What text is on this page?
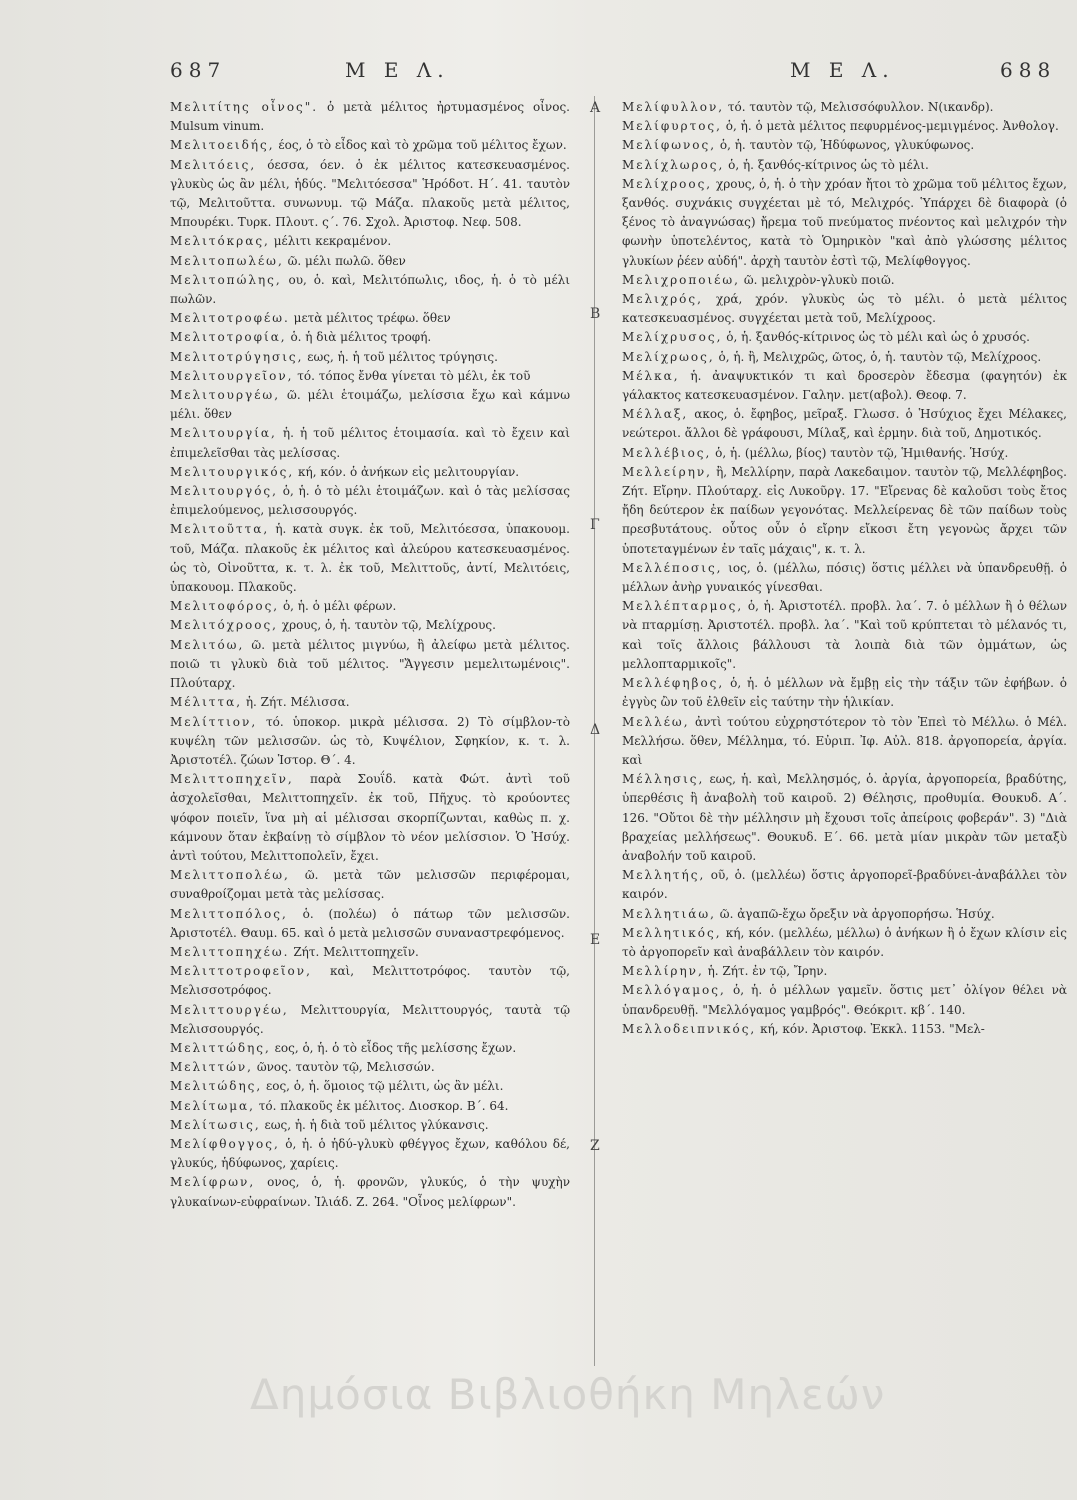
687	Μ Ε Λ.	Μ Ε Λ.	688

Μελιτίτης οἶνος". ὁ μετὰ μέλιτος ἠρτυμασμένος οἶνος. Mulsum vinum.

Μελιτοειδής, έος, ὁ τὸ εἶδος καὶ τὸ χρῶμα τοῦ μέλιτος ἔχων.

Μελιτόεις, όεσσα, όεν. ὁ ἐκ μέλιτος κατεσκευασμένος. γλυκὺς ὡς ἂν μέλι, ἡδύς. "Μελιτόεσσα" Ἡρόδοτ. Η΄. 41. ταυτὸν τῷ, Μελιτοῦττα. συνωνυμ. τῷ Μάζα. πλακοῦς μετὰ μέλιτος, Μπουρέκι. Τυρκ. Πλουτ. ς΄. 76. Σχολ. Ἀριστοφ. Νεφ. 508.

Μελιτόκρας, μέλιτι κεκραμένον.

Μελιτοπωλέω, ῶ. μέλι πωλῶ. ὅθεν

Μελιτοπώλης, ου, ὁ. καὶ, Μελιτόπωλις, ιδος, ἡ. ὁ τὸ μέλι πωλῶν.

Μελιτοτροφέω. μετὰ μέλιτος τρέφω. ὅθεν

Μελιτοτροφία, ὁ. ἡ διὰ μέλιτος τροφή.

Μελιτοτρύγησις, εως, ἡ. ἡ τοῦ μέλιτος τρύγησις.

Μελιτουργεῖον, τό. τόπος ἔνθα γίνεται τὸ μέλι, ἐκ τοῦ

Μελιτουργέω, ῶ. μέλι ἑτοιμάζω, μελίσσια ἔχω καὶ κάμνω μέλι. ὅθεν

Μελιτουργία, ἡ. ἡ τοῦ μέλιτος ἑτοιμασία. καὶ τὸ ἔχειν καὶ ἐπιμελεῖσθαι τὰς μελίσσας.

Μελιτουργικός, κή, κόν. ὁ ἀνήκων εἰς μελιτουργίαν.

Μελιτουργός, ὁ, ἡ. ὁ τὸ μέλι ἑτοιμάζων. καὶ ὁ τὰς μελίσσας ἐπιμελούμενος, μελισσουργός.

Μελιτοῦττα, ἡ. κατὰ συγκ. ἐκ τοῦ, Μελιτόεσσα, ὑπακουομ. τοῦ, Μάζα. πλακοῦς ἐκ μέλιτος καὶ ἀλεύρου κατεσκευασμένος. ὡς τὸ, Οἰνοῦττα, κ. τ. λ. ἐκ τοῦ, Μελιττοῦς, ἀντί, Μελιτόεις, ὑπακουομ. Πλακοῦς.

Μελιτοφόρος, ὁ, ἡ. ὁ μέλι φέρων.

Μελιτόχροος, χρους, ὁ, ἡ. ταυτὸν τῷ, Μελίχρους.

Μελιτόω, ῶ. μετὰ μέλιτος μιγνύω, ἢ ἀλείφω μετὰ μέλιτος. ποιῶ τι γλυκὺ διὰ τοῦ μέλιτος. "Ἄγγεσιν μεμελιτωμένοις". Πλούταρχ.

Μέλιττα, ἡ. Ζήτ. Μέλισσα.

Μελίττιον, τό. ὑποκορ. μικρὰ μέλισσα. 2) Τὸ σίμβλον-τὸ κυψέλη τῶν μελισσῶν. ὡς τὸ, Κυψέλιον, Σφηκίον, κ. τ. λ. Ἀριστοτέλ. ζώων Ἱστορ. Θ΄. 4.

Μελιττοπηχεῖν, παρὰ Σουΐδ. κατὰ Φώτ. ἀντὶ τοῦ ἀσχολεῖσθαι, Μελιττοπηχεῖν. ἐκ τοῦ, Πῆχυς. τὸ κρούοντες ψόφον ποιεῖν, ἵνα μὴ αἱ μέλισσαι σκορπίζωνται, καθὼς π. χ. κάμνουν ὅταν ἐκβαίνῃ τὸ σίμβλον τὸ νέον μελίσσιον. Ὁ Ἡσύχ. ἀντὶ τούτου, Μελιττοπολεῖν, ἔχει.

Μελιττοπολέω, ῶ. μετὰ τῶν μελισσῶν περιφέρομαι, συναθροίζομαι μετὰ τὰς μελίσσας.

Μελιττοπόλος, ὁ. (πολέω) ὁ πάτωρ τῶν μελισσῶν. Ἀριστοτέλ. Θαυμ. 65. καὶ ὁ μετὰ μελισσῶν συναναστρεφόμενος.

Μελιττοπηχέω. Ζήτ. Μελιττοπηχεῖν.

Μελιττοτροφεῖον, καὶ, Μελιττοτρόφος. ταυτὸν τῷ, Μελισσοτρόφος.

Μελιττουργέω, Μελιττουργία, Μελιττουργός, ταυτὰ τῷ Μελισσουργός.

Μελιττώδης, εος, ὁ, ἡ. ὁ τὸ εἶδος τῆς μελίσσης ἔχων.

Μελιττών, ῶνος. ταυτὸν τῷ, Μελισσών.

Μελιτώδης, εος, ὁ, ἡ. ὅμοιος τῷ μέλιτι, ὡς ἂν μέλι.

Μελίτωμα, τό. πλακοῦς ἐκ μέλιτος. Διοσκορ. Β΄. 64.

Μελίτωσις, εως, ἡ. ἡ διὰ τοῦ μέλιτος γλύκανσις.

Μελίφθογγος, ὁ, ἡ. ὁ ἡδύ-γλυκὺ φθέγγος ἔχων, καθόλου δέ, γλυκύς, ἡδύφωνος, χαρίεις.

Μελίφρων, ονος, ὁ, ἡ. φρονῶν, γλυκύς, ὁ τὴν ψυχὴν γλυκαίνων-εὐφραίνων. Ἰλιάδ. Ζ. 264. "Οἶνος μελίφρων".

Α
Β
Γ
Δ
Ε
Ζ

Μελίφυλλον, τό. ταυτὸν τῷ, Μελισσόφυλλον. Ν(ικανδρ).

Μελίφυρτος, ὁ, ἡ. ὁ μετὰ μέλιτος πεφυρμένος-μεμιγμένος. Ἀνθολογ.

Μελίφωνος, ὁ, ἡ. ταυτὸν τῷ, Ἡδύφωνος, γλυκύφωνος.

Μελίχλωρος, ὁ, ἡ. ξανθός-κίτρινος ὡς τὸ μέλι.

Μελίχροος, χρους, ὁ, ἡ. ὁ τὴν χρόαν ἤτοι τὸ χρῶμα τοῦ μέλιτος ἔχων, ξανθός. συχνάκις συγχέεται μὲ τό, Μελιχρός. Ὑπάρχει δὲ διαφορὰ (ὁ ξένος τὸ ἀναγνώσας) ἤρεμα τοῦ πνεύματος πνέοντος καὶ μελιχρόν τὴν φωνὴν ὑποτελέντος, κατὰ τὸ Ὁμηρικὸν "καὶ ἀπὸ γλώσσης μέλιτος γλυκίων ῥέεν αὐδή". ἀρχὴ ταυτὸν ἐστὶ τῷ, Μελίφθογγος.

Μελιχροπο​ιέω, ῶ. μελιχρὸν-γλυκὺ ποιῶ.

Μελιχρός, χρά, χρόν. γλυκὺς ὡς τὸ μέλι. ὁ μετὰ μέλιτος κατεσκευασμένος. συγχέεται μετὰ τοῦ, Μελίχροος.

Μελίχρυσος, ὁ, ἡ. ξανθός-κίτρινος ὡς τὸ μέλι καὶ ὡς ὁ χρυσός.

Μελίχρωος, ὁ, ἡ. ἢ, Μελιχρῶς, ῶτος, ὁ, ἡ. ταυτὸν τῷ, Μελίχροος.

Μέλκα, ἡ. ἀναψυκτικόν τι καὶ δροσερὸν ἔδεσμα (φαγητόν) ἐκ γάλακτος κατεσκευασμένον. Γαλην. μετ(αβολ). Θεοφ. 7.

Μέλλαξ, ακος, ὁ. ἔφηβος, μεῖραξ. Γλωσσ. ὁ Ἡσύχιος ἔχει Μέλακες, νεώτεροι. ἄλλοι δὲ γράφουσι, Μίλαξ, καὶ ἑρμην. διὰ τοῦ, Δημοτικός.

Μελλέβιος, ὁ, ἡ. (μέλλω, βίος) ταυτὸν τῷ, Ἡμιθανής. Ἡσύχ.

Μελλείρην, ἢ, Μελλίρην, παρὰ Λακεδαιμον. ταυτὸν τῷ, Μελλέφηβος. Ζήτ. Εἴρην. Πλούταρχ. εἰς Λυκοῦργ. 17. "Εἴρενας δὲ καλοῦσι τοὺς ἔτος ἤδη δεύτερον ἐκ παίδων γεγονότας. Μελλείρενας δὲ τῶν παίδων τοὺς πρεσβυτάτους. οὗτος οὖν ὁ εἴρην εἴκοσι ἔτη γεγονὼς ἄρχει τῶν ὑποτεταγμένων ἐν ταῖς μάχαις", κ. τ. λ.

Μελλέποσις, ιος, ὁ. (μέλλω, πόσις) ὅστις μέλλει νὰ ὑπανδρευθῇ. ὁ μέλλων ἀνὴρ γυναικός γίνεσθαι.

Μελλέπταρμος, ὁ, ἡ. Ἀριστοτέλ. προβλ. λα΄. 7. ὁ μέλλων ἢ ὁ θέλων νὰ πταρμίσῃ. Ἀριστοτέλ. προβλ. λα΄. "Καὶ τοῦ κρύπτεται τὸ μέλανός τι, καὶ τοῖς ἄλλοις βάλλουσι τὰ λοιπὰ διὰ τῶν ὀμμάτων, ὡς μελλοπταρμικοῖς".

Μελλέφηβος, ὁ, ἡ. ὁ μέλλων νὰ ἔμβῃ εἰς τὴν τάξιν τῶν ἐφήβων. ὁ ἐγγὺς ὢν τοῦ ἐλθεῖν εἰς ταύτην τὴν ἡλικίαν.

Μελλέω, ἀντὶ τούτου εὐχρηστότερον τὸ τὸν Ἐπεὶ τὸ Μέλλω. ὁ Μέλ. Μελλήσω. ὅθεν, Μέλλημα, τό. Εὐριπ. Ἰφ. Αὐλ. 818. ἀργοπορεία, ἀργία. καὶ

Μέλλησις, εως, ἡ. καὶ, Μελλησμός, ὁ. ἀργία, ἀργοπορεία, βραδύτης, ὑπερθέσις ἢ ἀναβολὴ τοῦ καιροῦ. 2) Θέλησις, προθυμία. Θουκυδ. Α΄. 126. "Οὔτοι δὲ τὴν μέλλησιν μὴ ἔχουσι τοῖς ἀπείροις φοβεράν". 3) "Διὰ βραχείας μελλήσεως". Θουκυδ. Ε΄. 66. μετὰ μίαν μικρὰν τῶν μεταξὺ ἀναβολήν τοῦ καιροῦ.

Μελλητής, οῦ, ὁ. (μελλέω) ὅστις ἀργοπορεῖ-βραδύνει-ἀναβάλλει τὸν καιρόν.

Μελλητιάω, ῶ. ἀγαπῶ-ἔχω ὄρεξιν νὰ ἀργοπορήσω. Ἡσύχ.

Μελλητικός, κή, κόν. (μελλέω, μέλλω) ὁ ἀνήκων ἢ ὁ ἔχων κλίσιν εἰς τὸ ἀργοπορεῖν καὶ ἀναβάλλειν τὸν καιρόν.

Μελλίρην, ἡ. Ζήτ. ἐν τῷ, Ἴρην.

Μελλόγαμος, ὁ, ἡ. ὁ μέλλων γαμεῖν. ὅστις μετ᾽ ὀλίγον θέλει νὰ ὑπανδρευθῇ. "Μελλόγαμος γαμβρός". Θεόκριτ. κβ΄. 140.

Μελλοδειπνικός, κή, κόν. Ἀριστοφ. Ἐκκλ. 1153. "Μελ-

Δημόσια Βιβλιοθήκη Μηλεών
